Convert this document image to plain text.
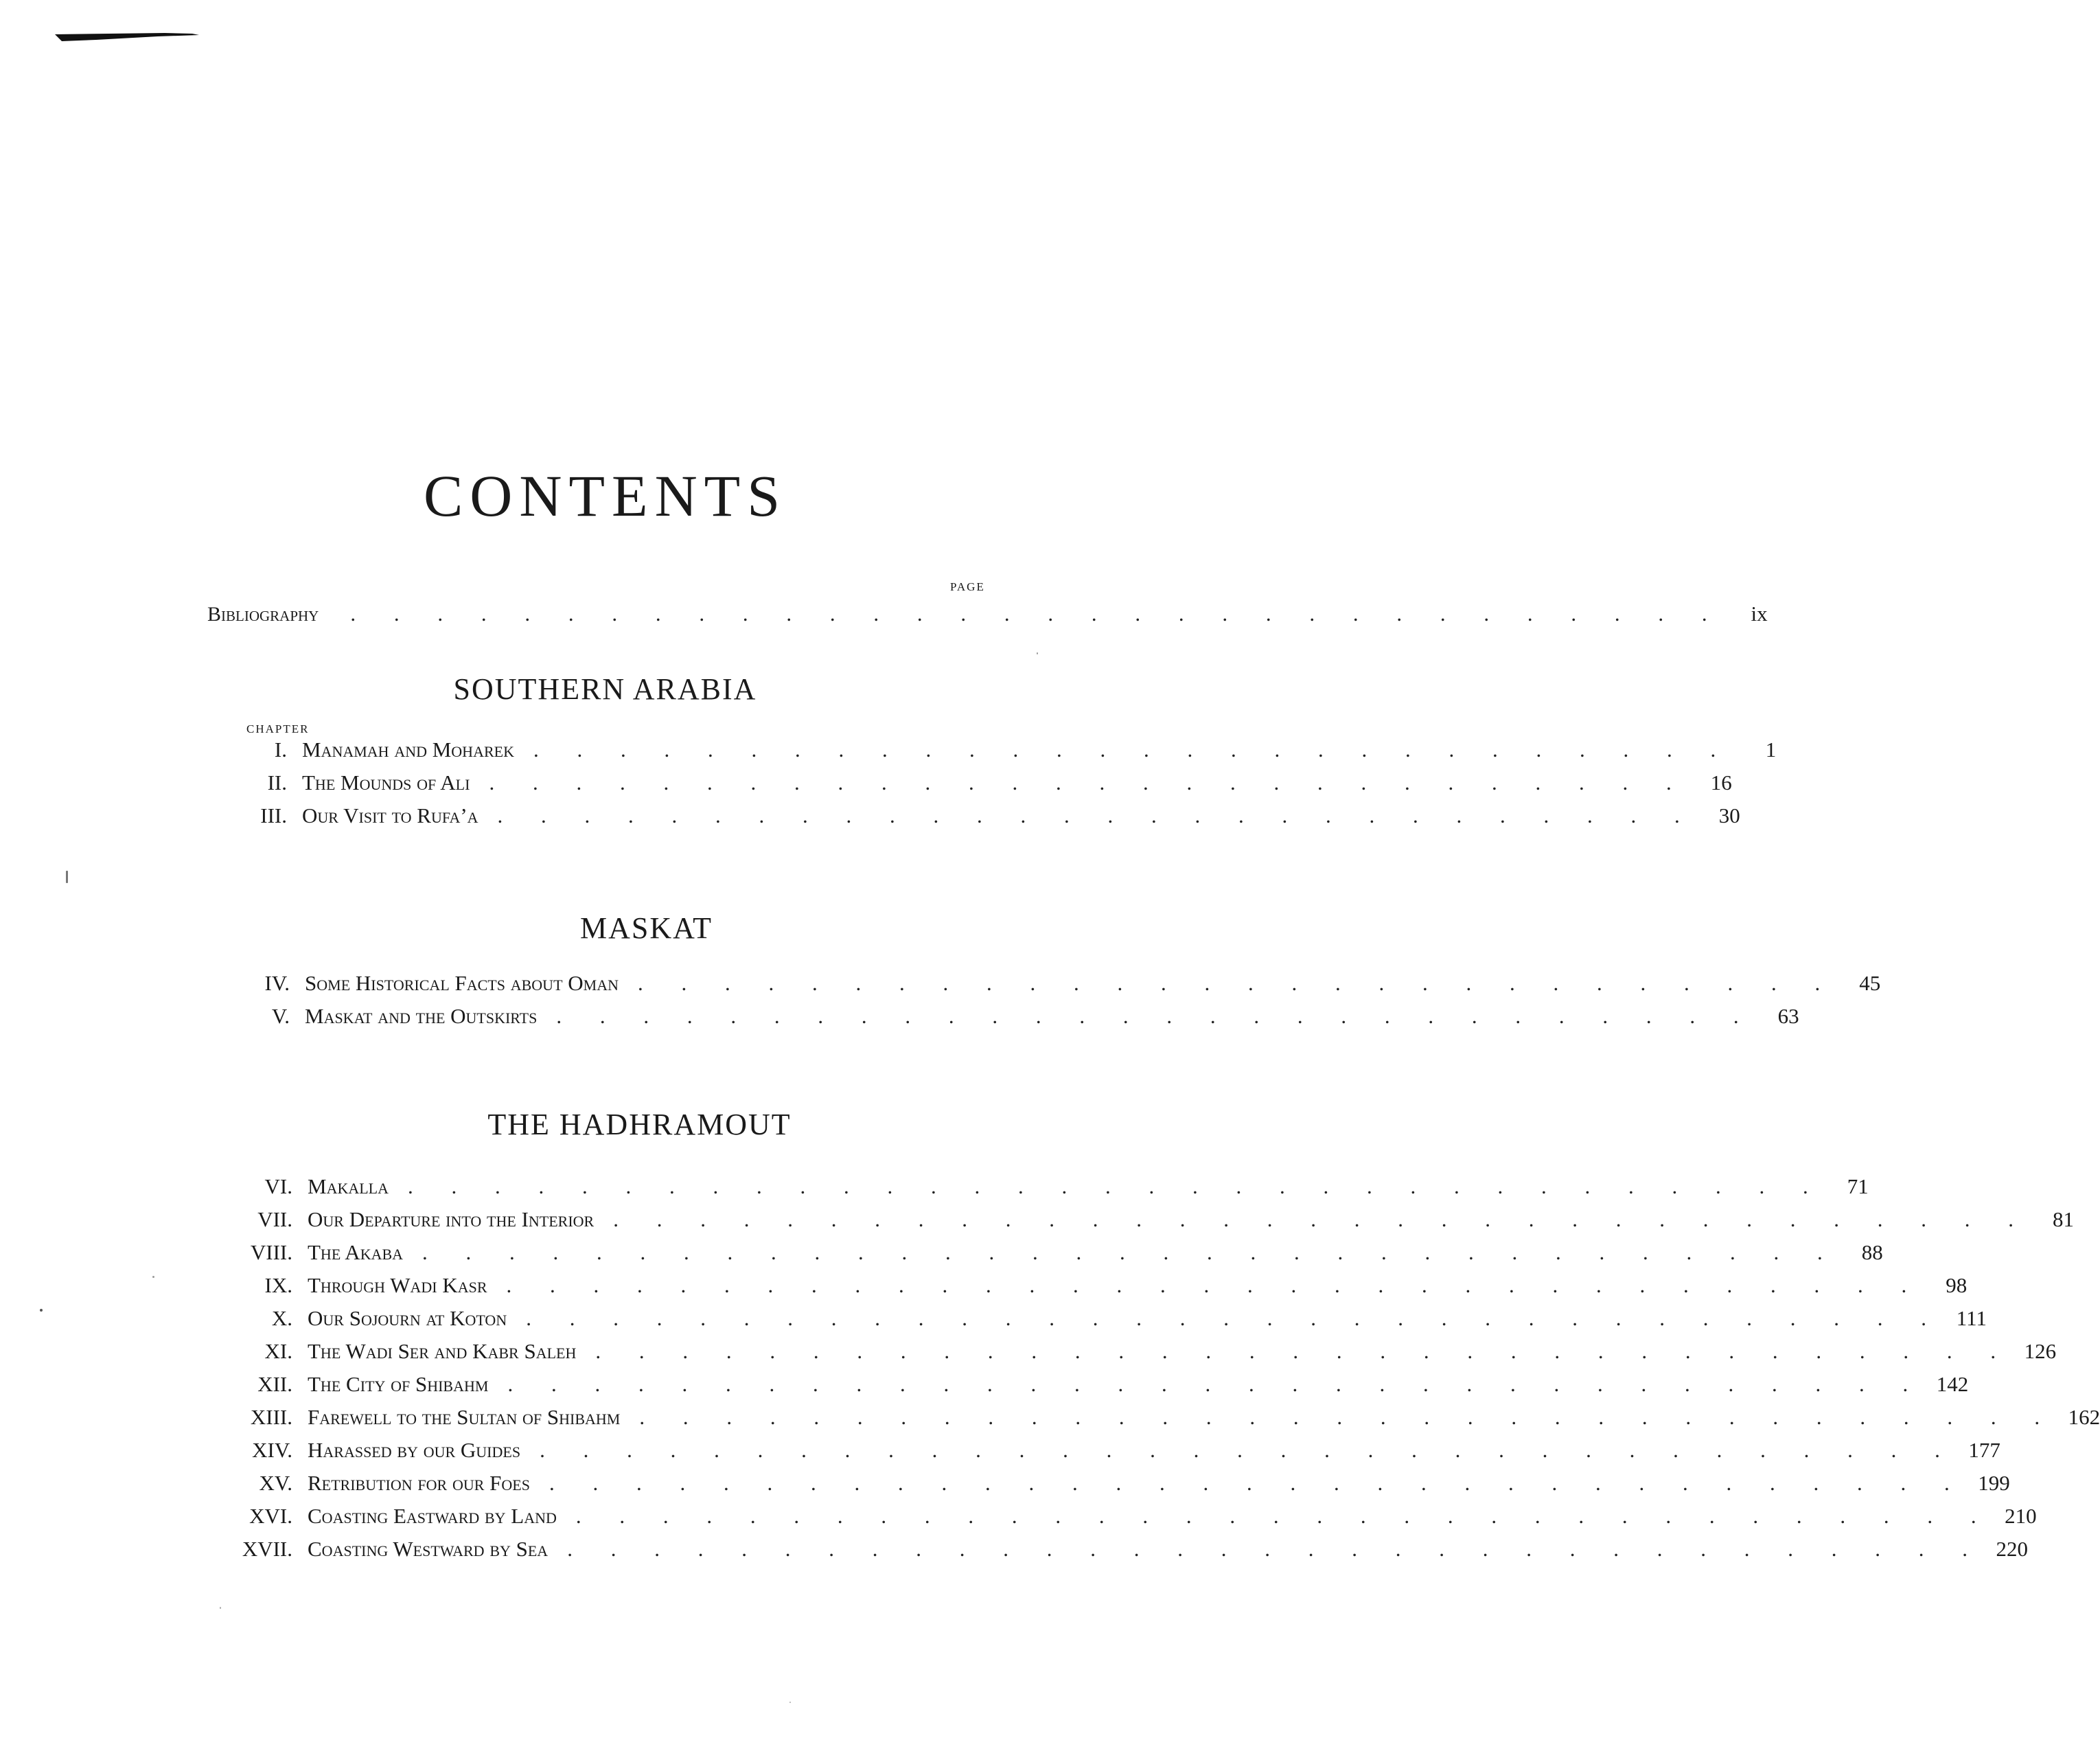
CONTENTS
PAGE
Bibliography . . . . . . . . . . . . . . . . . . . . . . . . . . . . . . . .	ix
SOUTHERN ARABIA
CHAPTER
I. Manamah and Moharek . . . . . . . . . . . . . . . . . . . . . . . . . . . .	1
II. The Mounds of Ali . . . . . . . . . . . . . . . . . . . . . . . . . . . .	16
III. Our Visit to Rufa’a . . . . . . . . . . . . . . . . . . . . . . . . . . . .	30
MASKAT
IV. Some Historical Facts about Oman . . . . . . . . . . . . . . . . . . . . . . . . . . . .	45
V. Maskat and the Outskirts . . . . . . . . . . . . . . . . . . . . . . . . . . . .	63
THE HADHRAMOUT
VI. Makalla . . . . . . . . . . . . . . . . . . . . . . . . . . . . . . . . .	71
VII. Our Departure into the Interior . . . . . . . . . . . . . . . . . . . . . . . . . . . . . . . . .	81
VIII. The Akaba . . . . . . . . . . . . . . . . . . . . . . . . . . . . . . . . .	88
IX. Through Wadi Kasr . . . . . . . . . . . . . . . . . . . . . . . . . . . . . . . . .	98
X. Our Sojourn at Koton . . . . . . . . . . . . . . . . . . . . . . . . . . . . . . . . . 111
XI. The Wadi Ser and Kabr Saleh . . . . . . . . . . . . . . . . . . . . . . . . . . . . . . . . . 126
XII. The City of Shibahm . . . . . . . . . . . . . . . . . . . . . . . . . . . . . . . . . 142
XIII. Farewell to the Sultan of Shibahm . . . . . . . . . . . . . . . . . . . . . . . . . . . . . . . . . 162
XIV. Harassed by our Guides . . . . . . . . . . . . . . . . . . . . . . . . . . . . . . . . . 177
XV. Retribution for our Foes . . . . . . . . . . . . . . . . . . . . . . . . . . . . . . . . . 199
XVI. Coasting Eastward by Land . . . . . . . . . . . . . . . . . . . . . . . . . . . . . . . . . 210
XVII. Coasting Westward by Sea . . . . . . . . . . . . . . . . . . . . . . . . . . . . . . . . . 220
